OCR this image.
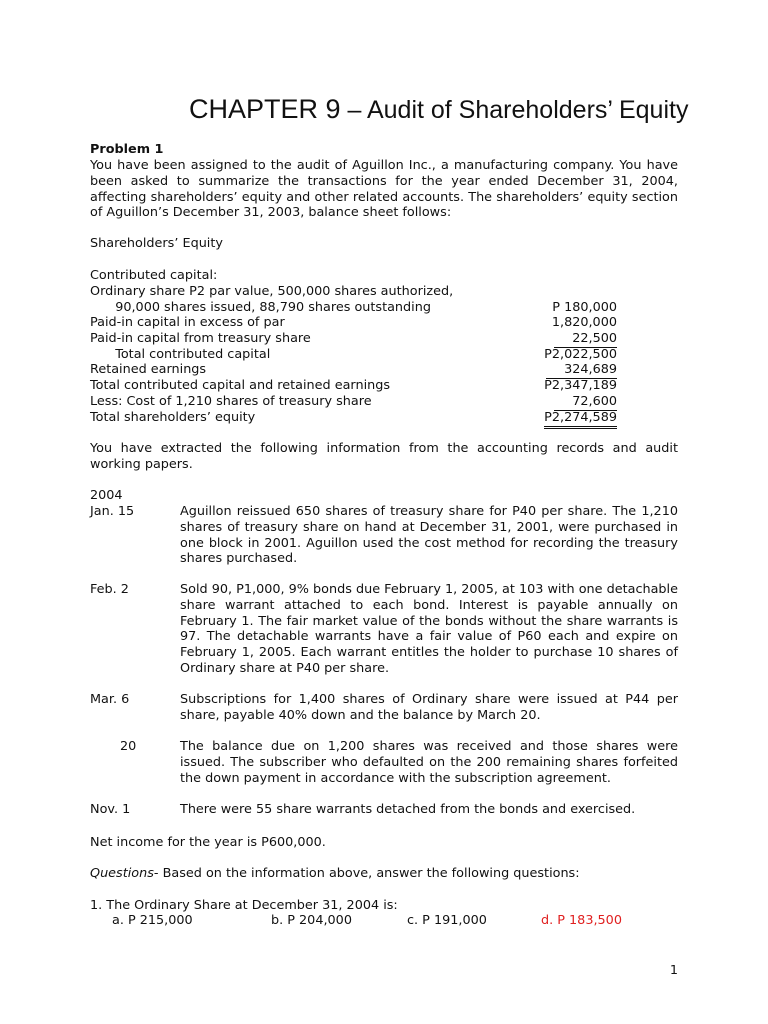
CHAPTER 9 – Audit of Shareholders’ Equity
Problem 1
You have been assigned to the audit of Aguillon Inc., a manufacturing company. You have been asked to summarize the transactions for the year ended December 31, 2004, affecting shareholders’ equity and other related accounts. The shareholders’ equity section of Aguillon’s December 31, 2003, balance sheet follows:
Shareholders’ Equity
Contributed capital:
Ordinary share P2 par value, 500,000 shares authorized,
90,000 shares issued, 88,790 shares outstanding	P 180,000
Paid-in capital in excess of par	1,820,000
Paid-in capital from treasury share	22,500
Total contributed capital	P2,022,500
Retained earnings	324,689
Total contributed capital and retained earnings	P2,347,189
Less: Cost of 1,210 shares of treasury share	72,600
Total shareholders’ equity	P2,274,589
You have extracted the following information from the accounting records and audit working papers.
2004
Jan. 15	Aguillon reissued 650 shares of treasury share for P40 per share. The 1,210 shares of treasury share on hand at December 31, 2001, were purchased in one block in 2001. Aguillon used the cost method for recording the treasury shares purchased.
Feb. 2	Sold 90, P1,000, 9% bonds due February 1, 2005, at 103 with one detachable share warrant attached to each bond. Interest is payable annually on February 1. The fair market value of the bonds without the share warrants is 97. The detachable warrants have a fair value of P60 each and expire on February 1, 2005. Each warrant entitles the holder to purchase 10 shares of Ordinary share at P40 per share.
Mar. 6	Subscriptions for 1,400 shares of Ordinary share were issued at P44 per share, payable 40% down and the balance by March 20.
20	The balance due on 1,200 shares was received and those shares were issued. The subscriber who defaulted on the 200 remaining shares forfeited the down payment in accordance with the subscription agreement.
Nov. 1	There were 55 share warrants detached from the bonds and exercised.
Net income for the year is P600,000.
Questions- Based on the information above, answer the following questions:
1. The Ordinary Share at December 31, 2004 is:
a. P 215,000	b. P 204,000	c. P 191,000	d. P 183,500
1
